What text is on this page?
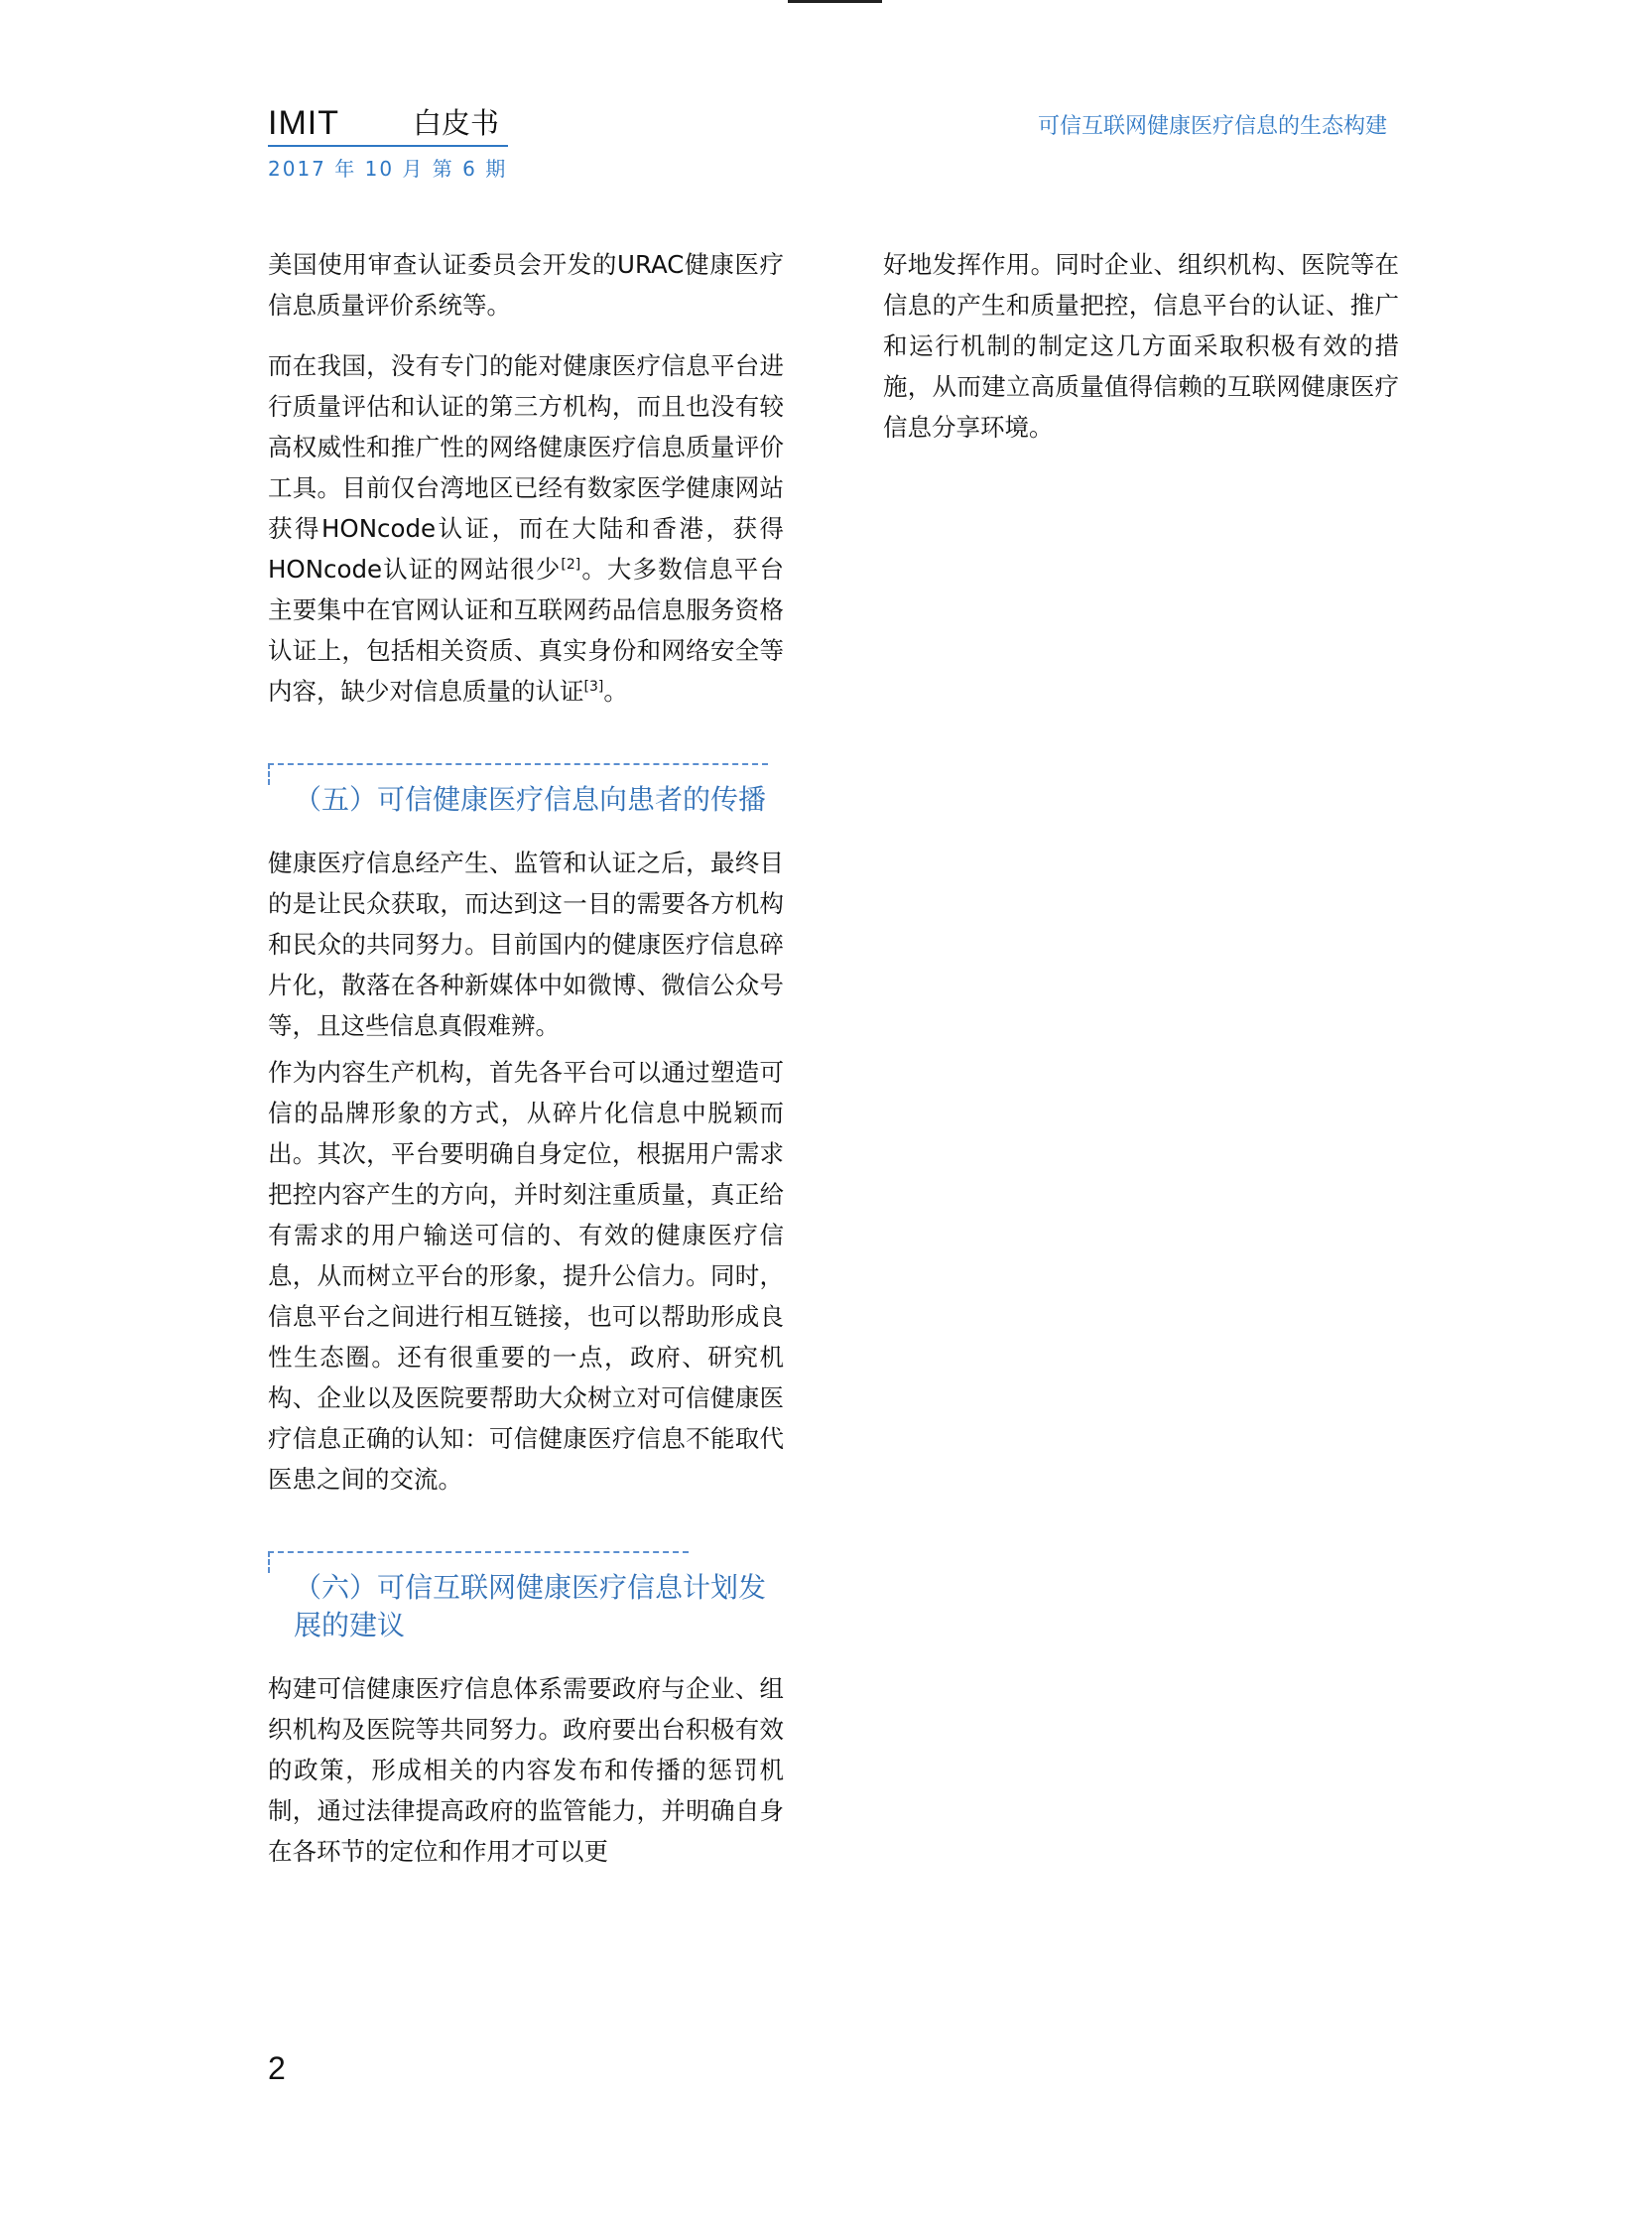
IMIT	白皮书
2017 年 10 月 第 6 期
可信互联网健康医疗信息的生态构建

美国使用审查认证委员会开发的URAC健康医疗信息质量评价系统等。

而在我国，没有专门的能对健康医疗信息平台进行质量评估和认证的第三方机构，而且也没有较高权威性和推广性的网络健康医疗信息质量评价工具。目前仅台湾地区已经有数家医学健康网站获得HONcode认证，而在大陆和香港，获得HONcode认证的网站很少[2]。大多数信息平台主要集中在官网认证和互联网药品信息服务资格认证上，包括相关资质、真实身份和网络安全等内容，缺少对信息质量的认证[3]。

（五）可信健康医疗信息向患者的传播

健康医疗信息经产生、监管和认证之后，最终目的是让民众获取，而达到这一目的需要各方机构和民众的共同努力。目前国内的健康医疗信息碎片化，散落在各种新媒体中如微博、微信公众号等，且这些信息真假难辨。

作为内容生产机构，首先各平台可以通过塑造可信的品牌形象的方式，从碎片化信息中脱颖而出。其次，平台要明确自身定位，根据用户需求把控内容产生的方向，并时刻注重质量，真正给有需求的用户输送可信的、有效的健康医疗信息，从而树立平台的形象，提升公信力。同时，信息平台之间进行相互链接，也可以帮助形成良性生态圈。还有很重要的一点，政府、研究机构、企业以及医院要帮助大众树立对可信健康医疗信息正确的认知：可信健康医疗信息不能取代医患之间的交流。

（六）可信互联网健康医疗信息计划发展的建议

构建可信健康医疗信息体系需要政府与企业、组织机构及医院等共同努力。政府要出台积极有效的政策，形成相关的内容发布和传播的惩罚机制，通过法律提高政府的监管能力，并明确自身在各环节的定位和作用才可以更

好地发挥作用。同时企业、组织机构、医院等在信息的产生和质量把控，信息平台的认证、推广和运行机制的制定这几方面采取积极有效的措施，从而建立高质量值得信赖的互联网健康医疗信息分享环境。

2
